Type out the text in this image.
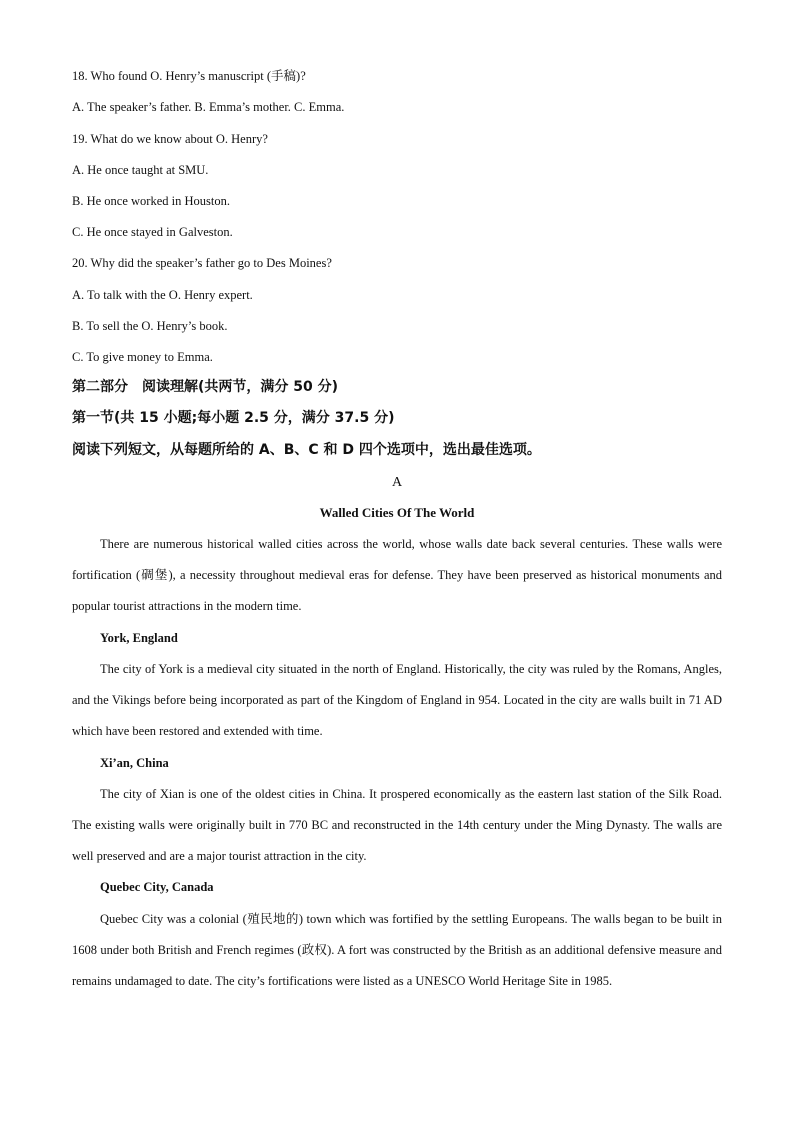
18. Who found O. Henry’s manuscript (手稿)?
A. The speaker’s father. B. Emma’s mother. C. Emma.
19. What do we know about O. Henry?
A. He once taught at SMU.
B. He once worked in Houston.
C. He once stayed in Galveston.
20. Why did the speaker’s father go to Des Moines?
A. To talk with the O. Henry expert.
B. To sell the O. Henry’s book.
C. To give money to Emma.
第二部分　阅读理解(共两节，满分 50 分)
第一节(共 15 小题;每小题 2.5 分，满分 37.5 分)
阅读下列短文，从每题所给的 A、B、C 和 D 四个选项中，选出最佳选项。
A
Walled Cities Of The World
There are numerous historical walled cities across the world, whose walls date back several centuries. These walls were fortification (碉堡), a necessity throughout medieval eras for defense. They have been preserved as historical monuments and popular tourist attractions in the modern time.
York, England
The city of York is a medieval city situated in the north of England. Historically, the city was ruled by the Romans, Angles, and the Vikings before being incorporated as part of the Kingdom of England in 954. Located in the city are walls built in 71 AD which have been restored and extended with time.
Xi’an, China
The city of Xian is one of the oldest cities in China. It prospered economically as the eastern last station of the Silk Road. The existing walls were originally built in 770 BC and reconstructed in the 14th century under the Ming Dynasty. The walls are well preserved and are a major tourist attraction in the city.
Quebec City, Canada
Quebec City was a colonial (殖民地的) town which was fortified by the settling Europeans. The walls began to be built in 1608 under both British and French regimes (政权). A fort was constructed by the British as an additional defensive measure and remains undamaged to date. The city’s fortifications were listed as a UNESCO World Heritage Site in 1985.
